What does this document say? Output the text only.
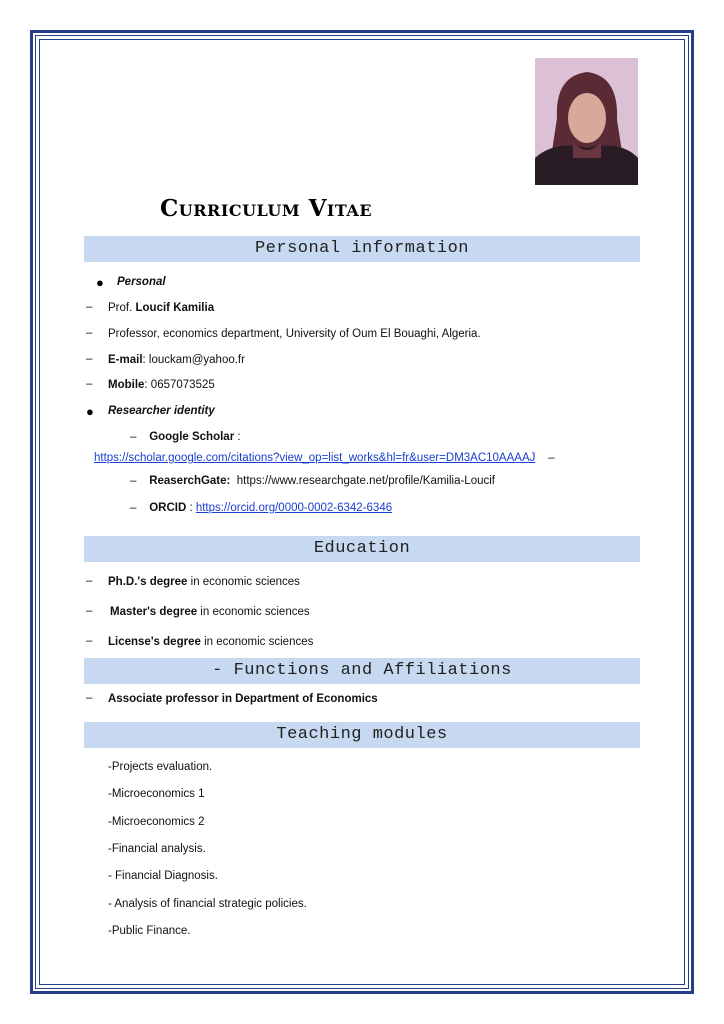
Curriculum Vitae
Personal information
● Personal
– Prof. Loucif Kamilia
– Professor, economics department, University of Oum El Bouaghi, Algeria.
– E-mail: louckam@yahoo.fr
– Mobile: 0657073525
● Researcher identity
–    Google Scholar :
https://scholar.google.com/citations?view_op=list_works&hl=fr&user=DM3AC10AAAAJ    –
–    ReaserchGate: https://www.researchgate.net/profile/Kamilia-Loucif
–    ORCID : https://orcid.org/0000-0002-6342-6346
Education
– Ph.D.'s degree in economic sciences
– Master's degree in economic sciences
– License's degree in economic sciences
- Functions and Affiliations
– Associate professor in Department of Economics
Teaching modules
-Projects evaluation.
-Microeconomics 1
-Microeconomics 2
-Financial analysis.
- Financial Diagnosis.
- Analysis of financial strategic policies.
-Public Finance.
